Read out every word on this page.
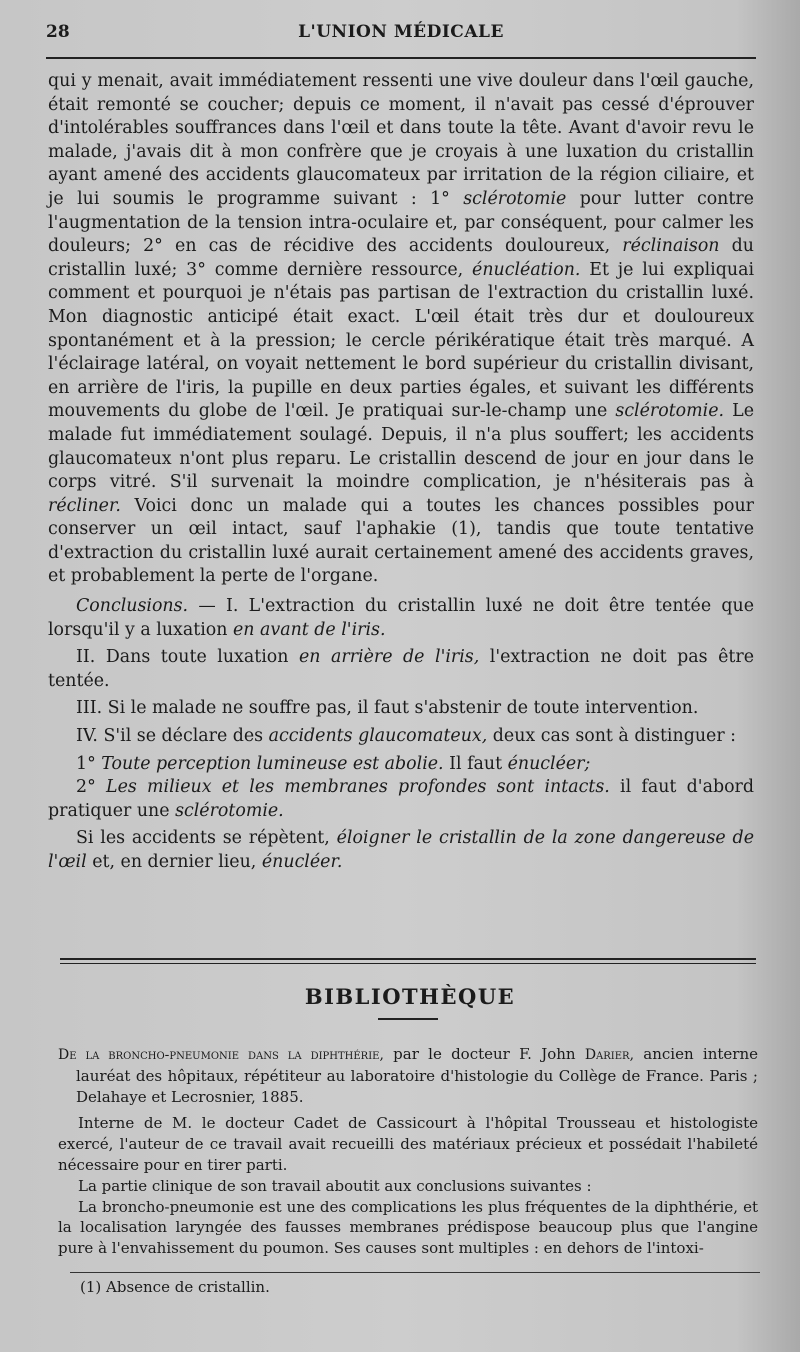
28	L'UNION MÉDICALE

qui y menait, avait immédiatement ressenti une vive douleur dans l'œil gauche, était remonté se coucher; depuis ce moment, il n'avait pas cessé d'éprouver d'intolérables souffrances dans l'œil et dans toute la tête. Avant d'avoir revu le malade, j'avais dit à mon confrère que je croyais à une luxation du cristallin ayant amené des accidents glaucomateux par irritation de la région ciliaire, et je lui soumis le programme suivant : 1° sclérotomie pour lutter contre l'augmentation de la tension intra-oculaire et, par conséquent, pour calmer les douleurs; 2° en cas de récidive des accidents douloureux, réclinaison du cristallin luxé; 3° comme dernière ressource, énucléation. Et je lui expliquai comment et pourquoi je n'étais pas partisan de l'extraction du cristallin luxé. Mon diagnostic anticipé était exact. L'œil était très dur et douloureux spontanément et à la pression; le cercle périkératique était très marqué. A l'éclairage latéral, on voyait nettement le bord supérieur du cristallin divisant, en arrière de l'iris, la pupille en deux parties égales, et suivant les différents mouvements du globe de l'œil. Je pratiquai sur-le-champ une sclérotomie. Le malade fut immédiatement soulagé. Depuis, il n'a plus souffert; les accidents glaucomateux n'ont plus reparu. Le cristallin descend de jour en jour dans le corps vitré. S'il survenait la moindre complication, je n'hésiterais pas à récliner. Voici donc un malade qui a toutes les chances possibles pour conserver un œil intact, sauf l'aphakie (1), tandis que toute tentative d'extraction du cristallin luxé aurait certainement amené des accidents graves, et probablement la perte de l'organe.

Conclusions. — I. L'extraction du cristallin luxé ne doit être tentée que lorsqu'il y a luxation en avant de l'iris.

II. Dans toute luxation en arrière de l'iris, l'extraction ne doit pas être tentée.

III. Si le malade ne souffre pas, il faut s'abstenir de toute intervention.

IV. S'il se déclare des accidents glaucomateux, deux cas sont à distinguer :

1° Toute perception lumineuse est abolie. Il faut énucléer;

2° Les milieux et les membranes profondes sont intacts. il faut d'abord pratiquer une sclérotomie.

Si les accidents se répètent, éloigner le cristallin de la zone dangereuse de l'œil et, en dernier lieu, énucléer.

BIBLIOTHÈQUE

De la broncho-pneumonie dans la diphthérie, par le docteur F. John Darier, ancien interne lauréat des hôpitaux, répétiteur au laboratoire d'histologie du Collège de France. Paris ; Delahaye et Lecrosnier, 1885.

Interne de M. le docteur Cadet de Cassicourt à l'hôpital Trousseau et histologiste exercé, l'auteur de ce travail avait recueilli des matériaux précieux et possédait l'habileté nécessaire pour en tirer parti.

La partie clinique de son travail aboutit aux conclusions suivantes :

La broncho-pneumonie est une des complications les plus fréquentes de la diphthérie, et la localisation laryngée des fausses membranes prédispose beaucoup plus que l'angine pure à l'envahissement du poumon. Ses causes sont multiples : en dehors de l'intoxi-

(1) Absence de cristallin.
